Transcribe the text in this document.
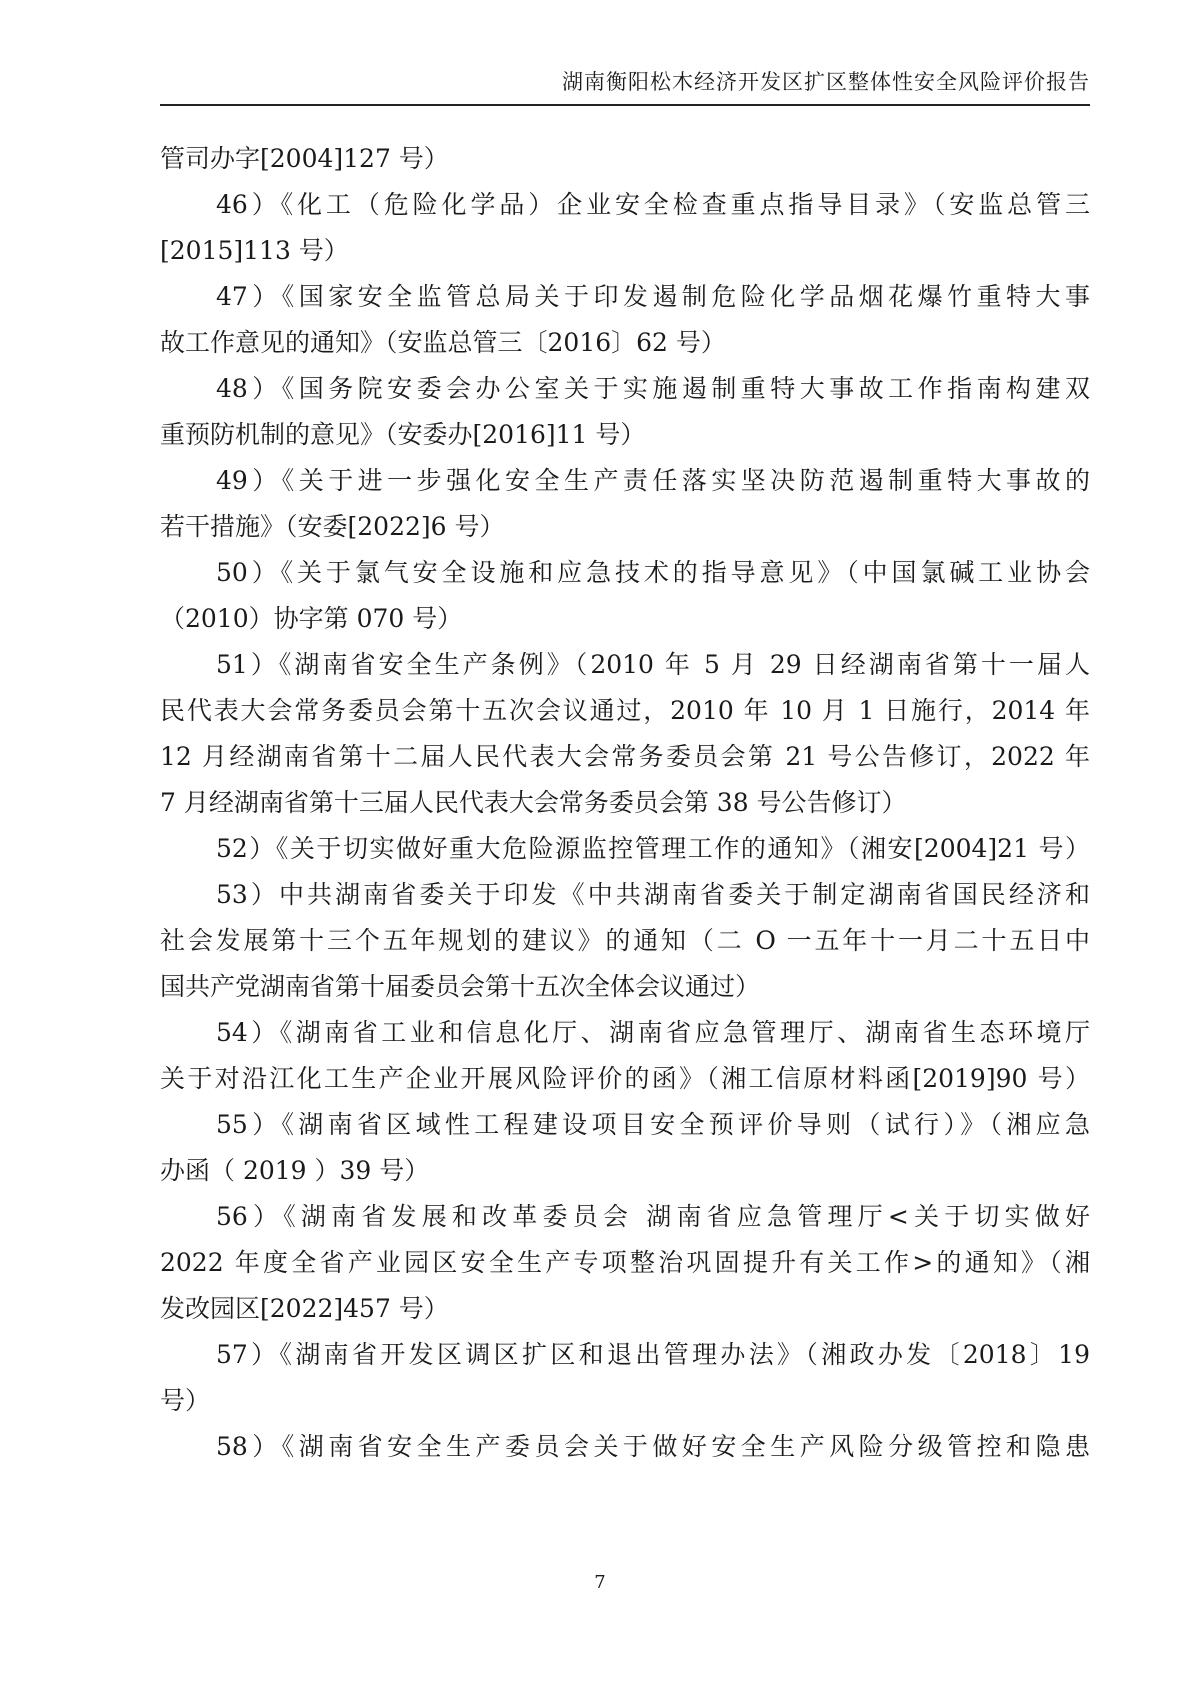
湖南衡阳松木经济开发区扩区整体性安全风险评价报告
管司办字[2004]127 号）
46）《化工（危险化学品）企业安全检查重点指导目录》（安监总管三
[2015]113 号）
47）《国家安全监管总局关于印发遏制危险化学品烟花爆竹重特大事
故工作意见的通知》（安监总管三〔2016〕62 号）
48）《国务院安委会办公室关于实施遏制重特大事故工作指南构建双
重预防机制的意见》（安委办[2016]11 号）
49）《关于进一步强化安全生产责任落实坚决防范遏制重特大事故的
若干措施》（安委[2022]6 号）
50）《关于氯气安全设施和应急技术的指导意见》（中国氯碱工业协会
（2010）协字第 070 号）
51）《湖南省安全生产条例》（2010 年 5 月 29 日经湖南省第十一届人
民代表大会常务委员会第十五次会议通过，2010 年 10 月 1 日施行，2014 年
12 月经湖南省第十二届人民代表大会常务委员会第 21 号公告修订，2022 年
7 月经湖南省第十三届人民代表大会常务委员会第 38 号公告修订）
52）《关于切实做好重大危险源监控管理工作的通知》（湘安[2004]21 号）
53）中共湖南省委关于印发《中共湖南省委关于制定湖南省国民经济和
社会发展第十三个五年规划的建议》的通知（二 O 一五年十一月二十五日中
国共产党湖南省第十届委员会第十五次全体会议通过）
54）《湖南省工业和信息化厅、湖南省应急管理厅、湖南省生态环境厅
关于对沿江化工生产企业开展风险评价的函》（湘工信原材料函[2019]90 号）
55）《湖南省区域性工程建设项目安全预评价导则（试行）》（湘应急
办函（ 2019 ）39 号）
56）《湖南省发展和改革委员会 湖南省应急管理厅<关于切实做好
2022 年度全省产业园区安全生产专项整治巩固提升有关工作>的通知》（湘
发改园区[2022]457 号）
57）《湖南省开发区调区扩区和退出管理办法》（湘政办发〔2018〕19
号）
58）《湖南省安全生产委员会关于做好安全生产风险分级管控和隐患
7
